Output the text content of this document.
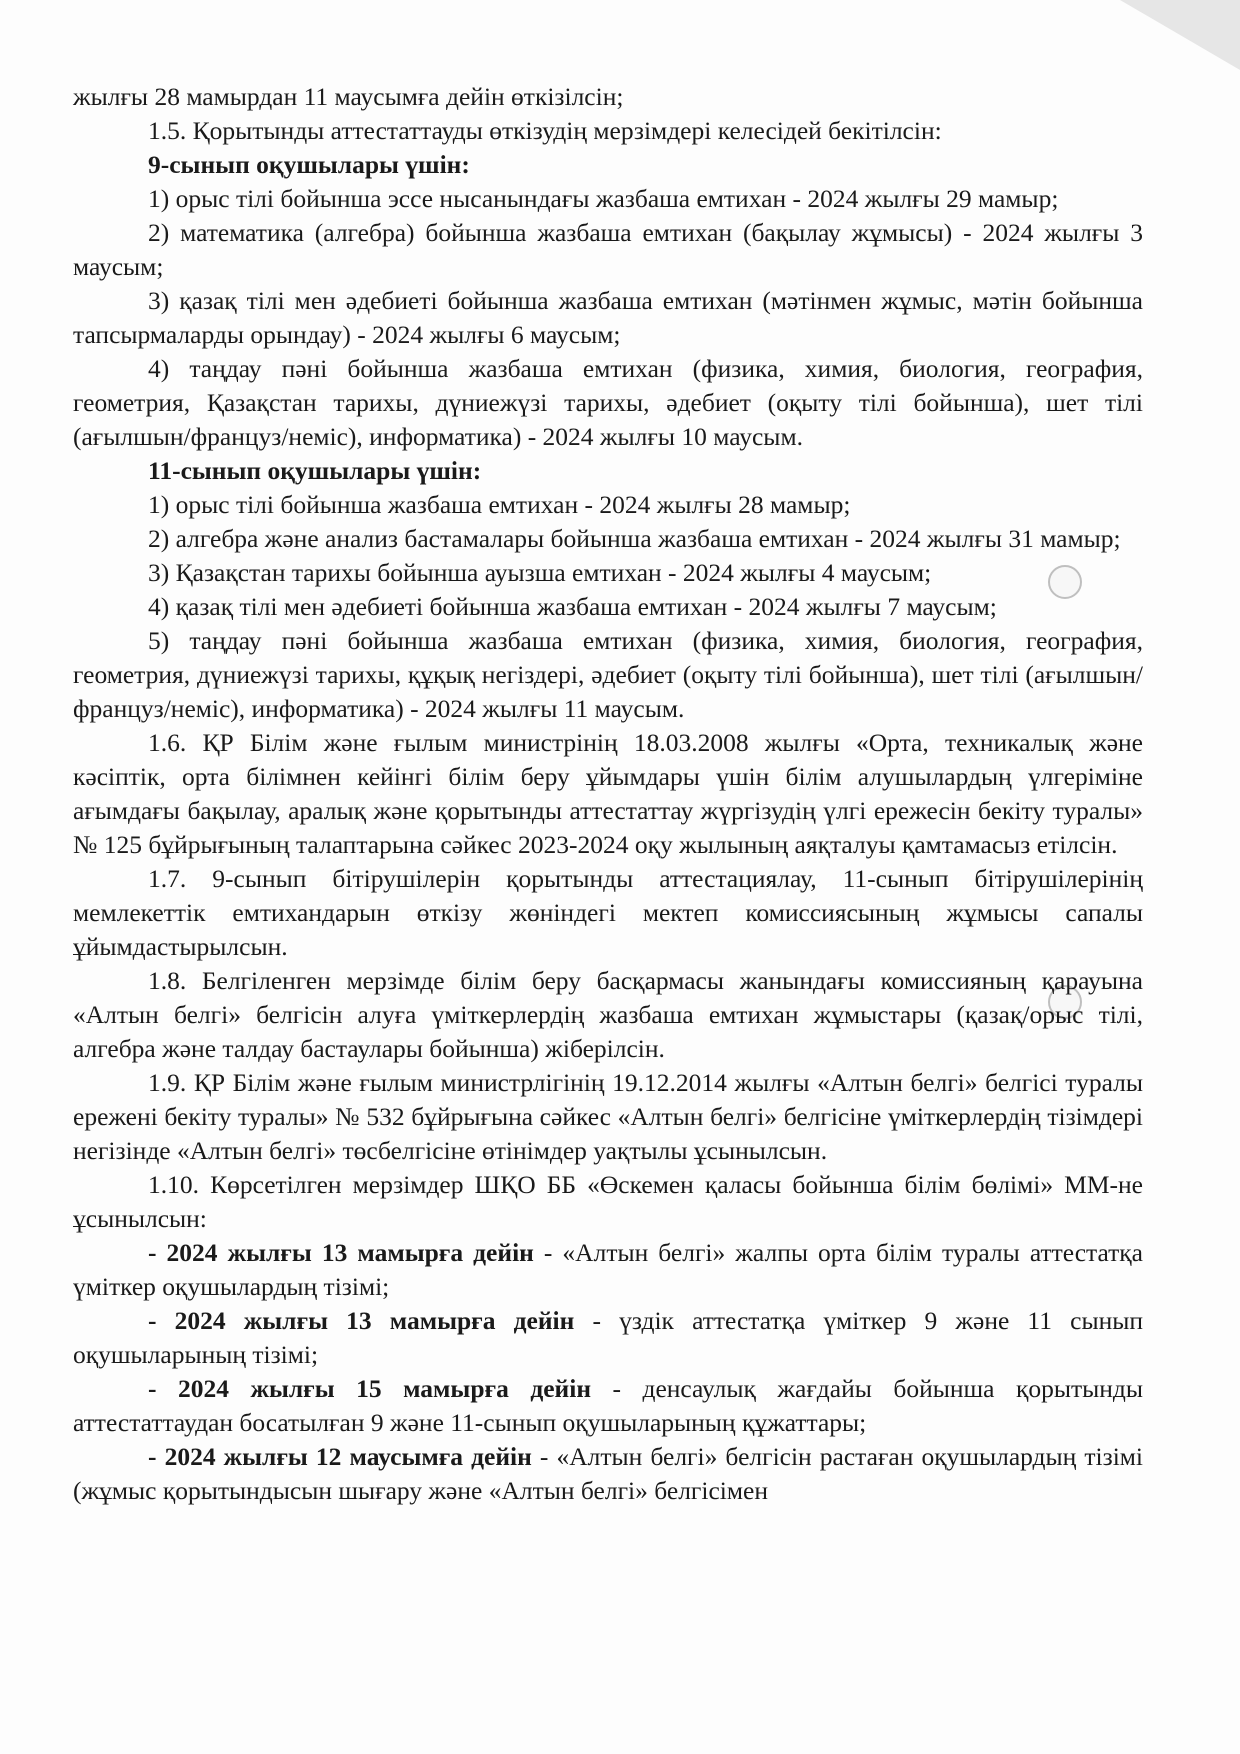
жылғы 28 мамырдан 11 маусымға дейін өткізілсін;

1.5. Қорытынды аттестаттауды өткізудің мерзімдері келесідей бекітілсін:

9-сынып оқушылары үшін:

1) орыс тілі бойынша эссе нысанындағы жазбаша емтихан - 2024 жылғы 29 мамыр;

2) математика (алгебра) бойынша жазбаша емтихан (бақылау жұмысы) - 2024 жылғы 3 маусым;

3) қазақ тілі мен әдебиеті бойынша жазбаша емтихан (мәтінмен жұмыс, мәтін бойынша тапсырмаларды орындау) - 2024 жылғы 6 маусым;

4) таңдау пәні бойынша жазбаша емтихан (физика, химия, биология, география, геометрия, Қазақстан тарихы, дүниежүзі тарихы, әдебиет (оқыту тілі бойынша), шет тілі (ағылшын/француз/неміс), информатика) - 2024 жылғы 10 маусым.

11-сынып оқушылары үшін:

1) орыс тілі бойынша жазбаша емтихан - 2024 жылғы 28 мамыр;

2) алгебра және анализ бастамалары бойынша жазбаша емтихан - 2024 жылғы 31 мамыр;

3) Қазақстан тарихы бойынша ауызша емтихан - 2024 жылғы 4 маусым;

4) қазақ тілі мен әдебиеті бойынша жазбаша емтихан - 2024 жылғы 7 маусым;

5) таңдау пәні бойынша жазбаша емтихан (физика, химия, биология, география, геометрия, дүниежүзі тарихы, құқық негіздері, әдебиет (оқыту тілі бойынша), шет тілі (ағылшын/француз/неміс), информатика) - 2024 жылғы 11 маусым.

1.6. ҚР Білім және ғылым министрінің 18.03.2008 жылғы «Орта, техникалық және кәсіптік, орта білімнен кейінгі білім беру ұйымдары үшін білім алушылардың үлгеріміне ағымдағы бақылау, аралық және қорытынды аттестаттау жүргізудің үлгі ережесін бекіту туралы» № 125 бұйрығының талаптарына сәйкес 2023-2024 оқу жылының аяқталуы қамтамасыз етілсін.

1.7. 9-сынып бітірушілерін қорытынды аттестациялау, 11-сынып бітірушілерінің мемлекеттік емтихандарын өткізу жөніндегі мектеп комиссиясының жұмысы сапалы ұйымдастырылсын.

1.8. Белгіленген мерзімде білім беру басқармасы жанындағы комиссияның қарауына «Алтын белгі» белгісін алуға үміткерлердің жазбаша емтихан жұмыстары (қазақ/орыс тілі, алгебра және талдау бастаулары бойынша) жіберілсін.

1.9. ҚР Білім және ғылым министрлігінің 19.12.2014 жылғы «Алтын белгі» белгісі туралы ережені бекіту туралы» № 532 бұйрығына сәйкес «Алтын белгі» белгісіне үміткерлердің тізімдері негізінде «Алтын белгі» төсбелгісіне өтінімдер уақтылы ұсынылсын.

1.10. Көрсетілген мерзімдер ШҚО ББ «Өскемен қаласы бойынша білім бөлімі» ММ-не ұсынылсын:

- 2024 жылғы 13 мамырға дейін - «Алтын белгі» жалпы орта білім туралы аттестатқа үміткер оқушылардың тізімі;

- 2024 жылғы 13 мамырға дейін - үздік аттестатқа үміткер 9 және 11 сынып оқушыларының тізімі;

- 2024 жылғы 15 мамырға дейін - денсаулық жағдайы бойынша қорытынды аттестаттаудан босатылған 9 және 11-сынып оқушыларының құжаттары;

- 2024 жылғы 12 маусымға дейін - «Алтын белгі» белгісін растаған оқушылардың тізімі (жұмыс қорытындысын шығару және «Алтын белгі» белгісімен
